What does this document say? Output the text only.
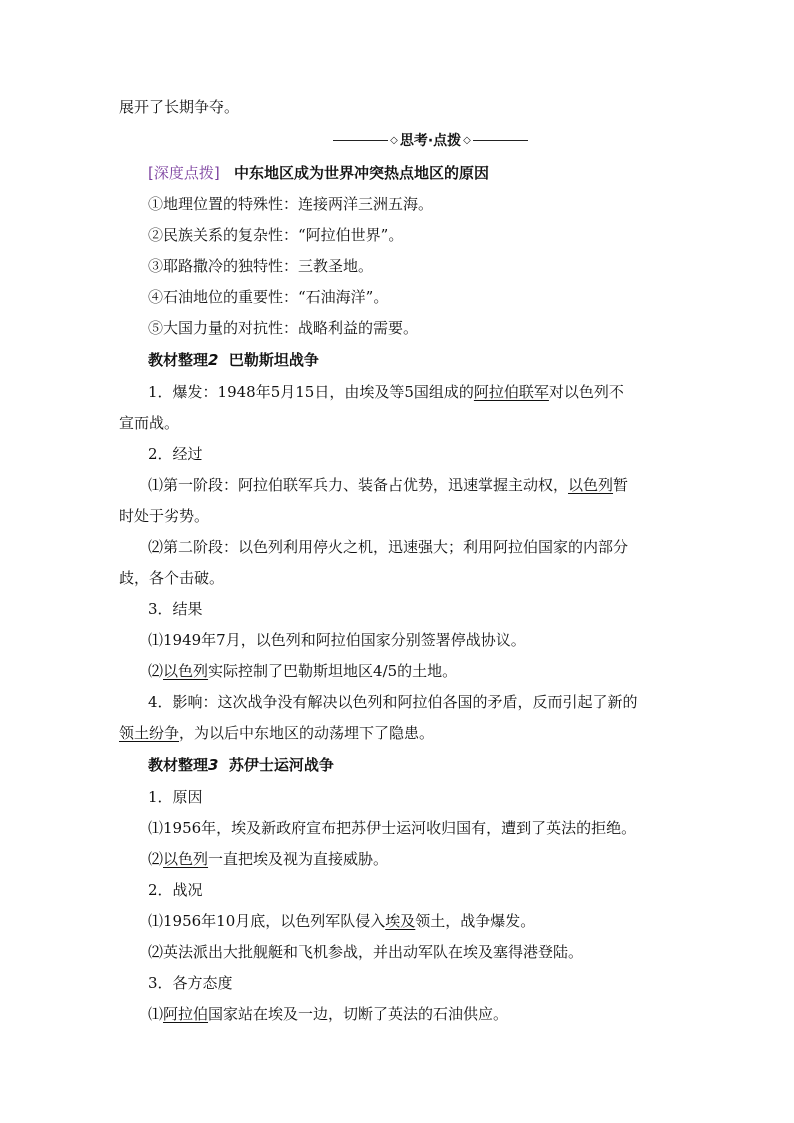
展开了长期争夺。
◇ 思考·点拨 ◇
[深度点拨] 中东地区成为世界冲突热点地区的原因
①地理位置的特殊性：连接两洋三洲五海。
②民族关系的复杂性：“阿拉伯世界”。
③耶路撒冷的独特性：三教圣地。
④石油地位的重要性：“石油海洋”。
⑤大国力量的对抗性：战略利益的需要。
教材整理2 巴勒斯坦战争
1．爆发：1948年5月15日，由埃及等5国组成的阿拉伯联军对以色列不
宣而战。
2．经过
⑴第一阶段：阿拉伯联军兵力、装备占优势，迅速掌握主动权，以色列暂
时处于劣势。
⑵第二阶段：以色列利用停火之机，迅速强大；利用阿拉伯国家的内部分
歧，各个击破。
3．结果
⑴1949年7月，以色列和阿拉伯国家分别签署停战协议。
⑵以色列实际控制了巴勒斯坦地区4/5的土地。
4．影响：这次战争没有解决以色列和阿拉伯各国的矛盾，反而引起了新的
领土纷争，为以后中东地区的动荡埋下了隐患。
教材整理3 苏伊士运河战争
1．原因
⑴1956年，埃及新政府宣布把苏伊士运河收归国有，遭到了英法的拒绝。
⑵以色列一直把埃及视为直接威胁。
2．战况
⑴1956年10月底，以色列军队侵入埃及领土，战争爆发。
⑵英法派出大批舰艇和飞机参战，并出动军队在埃及塞得港登陆。
3．各方态度
⑴阿拉伯国家站在埃及一边，切断了英法的石油供应。
